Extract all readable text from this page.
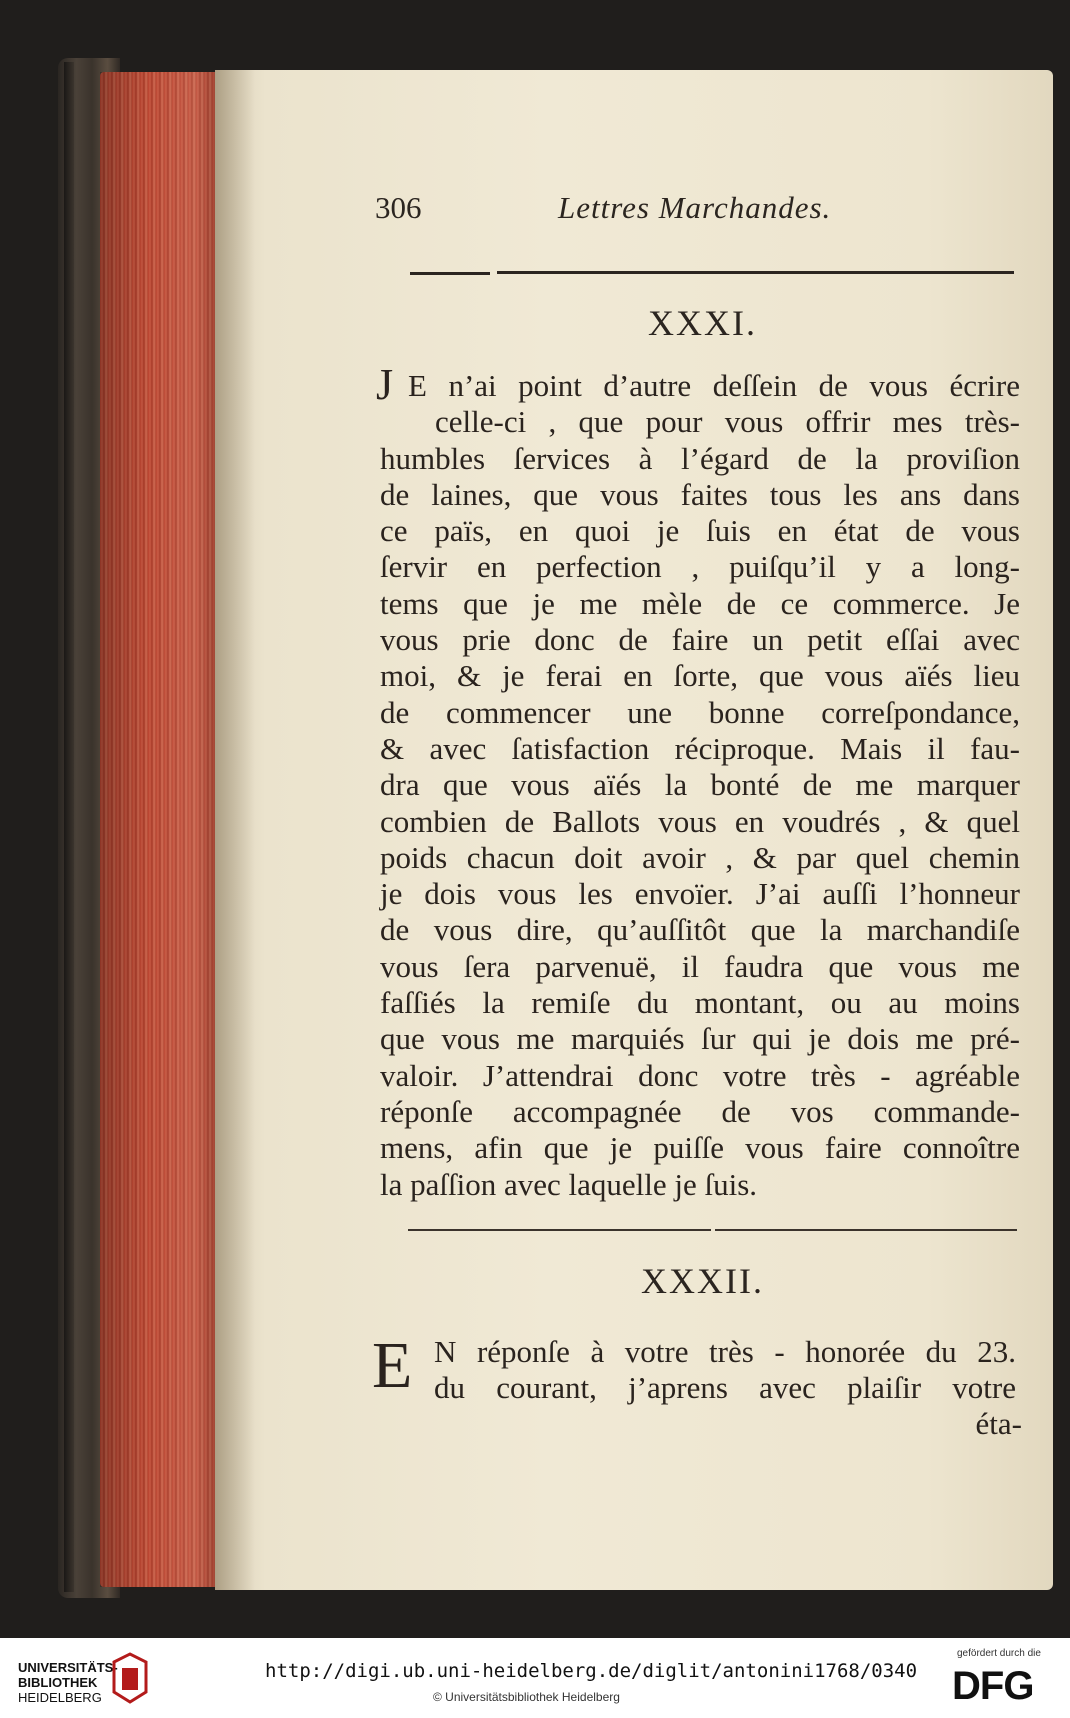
306	Lettres Marchandes.
XXXI.
J E n’ai point d’autre deſſein de vous écrire
celle-ci , que pour vous offrir mes très-
humbles ſervices à l’égard de la proviſion
de laines, que vous faites tous les ans dans
ce païs, en quoi je ſuis en état de vous
ſervir en perfection , puiſqu’il y a long-
tems que je me mèle de ce commerce. Je
vous prie donc de faire un petit eſſai avec
moi, & je ferai en ſorte, que vous aïés lieu
de commencer une bonne correſpondance,
& avec ſatisfaction réciproque. Mais il fau-
dra que vous aïés la bonté de me marquer
combien de Ballots vous en voudrés , & quel
poids chacun doit avoir , & par quel chemin
je dois vous les envoïer. J’ai auſſi l’honneur
de vous dire, qu’auſſitôt que la marchandiſe
vous ſera parvenuë, il faudra que vous me
faſſiés la remiſe du montant, ou au moins
que vous me marquiés ſur qui je dois me pré-
valoir. J’attendrai donc votre très - agréable
réponſe accompagnée de vos commande-
mens, afin que je puiſſe vous faire connoître
la paſſion avec laquelle je ſuis.
XXXII.
E N réponſe à votre très - honorée du 23.
du courant, j’aprens avec plaiſir votre
éta-
UNIVERSITÄTS-
BIBLIOTHEK
HEIDELBERG
http://digi.ub.uni-heidelberg.de/diglit/antonini1768/0340
© Universitätsbibliothek Heidelberg
gefördert durch die
DFG
